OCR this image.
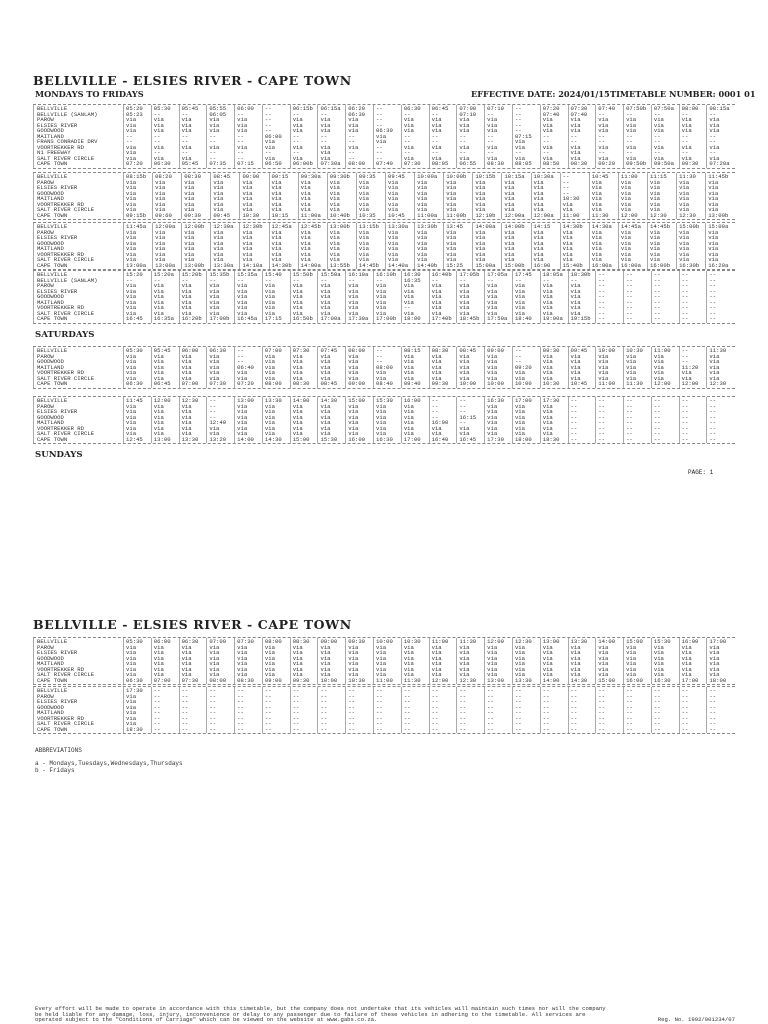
BELLVILLE - ELSIES RIVER - CAPE TOWN
MONDAYS TO FRIDAYS	EFFECTIVE DATE: 2024/01/15 TIMETABLE NUMBER: 0001 01
BELLVILLE	05:20	05:30	05:45	05:55	06:00	--	06:15b	06:15a	06:20	--	06:30	06:45	07:00	07:10	--	07:20	07:30	07:40	07:50b	07:50a	08:00	08:15a
BELLVILLE (SANLAM)	05:23	--	--	06:05	--	--	--	--	06:30	--	--	--	07:10	--	--	07:40	07:40	--	--	--	--	--
PAROW	via	via	via	via	via	--	via	via	via	--	via	via	via	via	--	via	via	via	via	via	via	via
ELSIES RIVER	via	via	via	via	via	--	via	via	via	--	via	via	via	via	--	via	via	via	via	via	via	via
GOODWOOD	via	via	via	via	via	--	via	via	via	06:30	via	via	via	via	--	via	via	via	via	via	via	via
MAITLAND	--	--	--	--	--	06:00	--	--	--	via	--	--	--	--	07:15	--	--	--	--	--	--	--
FRANS CONRADIE DRV	--	--	--	--	--	via	--	--	--	via	--	--	--	--	via	--	--	--	--	--	--	--
VOORTREKKER RD	via	via	via	via	via	via	via	via	via	--	via	via	via	via	via	via	via	via	via	via	via	via
N1 FREEWAY	via	--	--	--	--	--	--	via	--	--	--	--	--	--	--	--	via	--	--	--	--	--
SALT RIVER CIRCLE	via	via	via	--	--	via	via	via	--	--	via	via	via	via	via	via	via	via	via	via	via	via
CAPE TOWN	07:20	06:30	05:45	07:35	07:15	06:50	06:00b	07:30a	08:00	07:40	07:30	08:05	06:55	08:30	08:05	08:50	08:30	09:20	09:50b	09:50a	09:30	07:20a
BELLVILLE	08:15b	08:20	08:30	08:45	09:00	09:15	09:30a	09:30b	09:35	09:45	10:00a	10:00b	10:15b	10:15a	10:30a	--	10:45	11:00	11:15	11:30	11:45b
PAROW	via	via	via	via	via	via	via	via	via	via	via	via	via	via	via	--	via	via	via	via	via
ELSIES RIVER	via	via	via	via	via	via	via	via	via	via	via	via	via	via	via	--	via	via	via	via	via
GOODWOOD	via	via	via	via	via	via	via	via	via	via	via	via	via	via	via	--	via	via	via	via	via
MAITLAND	via	via	via	via	via	via	via	via	via	via	via	via	via	via	via	10:30	via	via	via	via	via
VOORTREKKER RD	via	via	via	via	via	via	via	via	via	via	via	via	via	via	via	via	via	via	via	via	via
SALT RIVER CIRCLE	via	via	via	via	via	via	via	via	via	via	via	via	via	via	via	via	via	via	via	via	via
CAPE TOWN	09:15b	09:60	09:30	09:45	10:30	10:15	11:00a	10:40b	10:35	10:45	11:00a	11:00b	12:10b	12:00a	12:00a	11:00	11:30	12:00	12:30	12:30	13:00b
BELLVILLE	11:45a	12:00a	12:00b	12:30a	12:30b	12:45a	12:45b	13:00b	13:15b	13:30a	13:30b	13:45	14:00a	14:00b	14:15	14:30b	14:30a	14:45a	14:45b	15:00b	15:00a
PAROW	via	via	via	via	via	via	via	via	via	via	via	via	via	via	via	via	via	via	via	via	via
ELSIES RIVER	via	via	via	via	via	via	via	via	via	via	via	via	via	via	via	via	via	via	via	via	via
GOODWOOD	via	via	via	via	via	via	via	via	via	via	via	via	via	via	via	via	via	via	via	via	via
MAITLAND	via	via	via	via	via	via	via	via	via	via	via	via	via	via	via	via	via	via	via	via	via
VOORTREKKER RD	via	via	via	via	via	via	via	via	via	via	via	via	via	via	via	via	via	via	via	via	via
SALT RIVER CIRCLE	via	via	via	via	via	via	via	via	via	via	via	via	via	via	via	via	via	via	via	via	via
CAPE TOWN	13:00a	13:00a	13:00b	13:30a	14:10a	14:30b	14:00a	13:55b	14:45b	14:40a	14:40b	15:25	15:00a	15:00b	16:00	15:40b	16:00a	16:00a	16:00b	16:30b	16:20a
BELLVILLE	15:20	15:20a	15:20b	15:35b	15:35a	15:40	15:50b	15:50a	16:10a	16:10b	16:30	16:40b	17:05b	17:05a	17:45	18:05a	18:30b	--	--	--	--	--
BELLVILLE (SANLAM)	--	--	--	--	--	--	--	--	--	--	16:35	--	--	--	--	--	--	--	--	--	--	--
PAROW	via	via	via	via	via	via	via	via	via	via	via	via	via	via	via	via	via	--	--	--	--	--
ELSIES RIVER	via	via	via	via	via	via	via	via	via	via	via	via	via	via	via	via	via	--	--	--	--	--
GOODWOOD	via	via	via	via	via	via	via	via	via	via	via	via	via	via	via	via	via	--	--	--	--	--
MAITLAND	via	via	via	via	via	via	via	via	via	via	via	via	via	via	via	via	via	--	--	--	--	--
VOORTREKKER RD	via	via	via	via	via	via	via	via	via	via	--	via	via	via	via	via	via	--	--	--	--	--
SALT RIVER CIRCLE	via	via	via	via	via	via	via	via	via	via	via	via	via	via	via	via	via	--	--	--	--	--
CAPE TOWN	16:45	16:35a	16:20b	17:00b	16:45a	17:15	16:50b	17:00a	17:30a	17:00b	18:00	17:40b	18:45b	17:50a	18:40	19:00a	19:15b	--	--	--	--	--
SATURDAYS
BELLVILLE	05:30	05:45	06:00	06:30	--	07:00	07:30	07:45	08:00	--	08:15	08:30	08:45	09:00	--	09:30	09:45	10:00	10:30	11:00	--	11:30
PAROW	via	via	via	via	--	via	via	via	via	--	via	via	via	via	--	via	via	via	via	via	--	via
GOODWOOD	via	via	via	via	--	via	via	via	via	--	via	via	via	via	--	via	via	via	via	via	--	via
MAITLAND	via	via	via	via	06:40	via	via	via	via	08:00	via	via	via	via	09:20	via	via	via	via	via	11:20	via
VOORTREKKER RD	via	via	via	via	via	via	via	via	via	via	via	via	via	via	via	via	via	via	via	via	via	via
SALT RIVER CIRCLE	via	via	via	via	via	via	via	via	via	via	via	via	via	via	via	via	via	via	via	via	via	via
CAPE TOWN	06:30	06:45	07:00	07:30	07:20	08:00	08:30	08:45	09:00	08:40	09:40	09:30	10:00	10:00	10:00	10:30	10:45	11:00	11:30	12:00	12:00	12:30
BELLVILLE	11:45	12:00	12:30	--	13:00	13:30	14:00	14:30	15:00	15:30	16:00	--	--	16:30	17:00	17:30	--	--	--	--	--	--
PAROW	via	via	via	--	via	via	via	via	via	via	via	--	--	via	via	via	--	--	--	--	--	--
ELSIES RIVER	via	via	via	--	via	via	via	via	via	via	via	--	--	via	via	via	--	--	--	--	--	--
GOODWOOD	via	via	via	--	via	via	via	via	via	via	via	--	16:15	via	via	via	--	--	--	--	--	--
MAITLAND	via	via	via	12:40	via	via	via	via	via	via	via	16:00	--	via	via	via	--	--	--	--	--	--
VOORTREKKER RD	via	via	via	via	via	via	via	via	via	via	via	via	via	via	via	via	--	--	--	--	--	--
SALT RIVER CIRCLE	via	via	via	via	via	via	via	via	via	via	via	via	via	via	via	via	--	--	--	--	--	--
CAPE TOWN	12:45	13:00	13:30	13:20	14:00	14:30	15:00	15:30	16:00	16:30	17:00	16:40	16:45	17:30	18:00	18:30	--	--	--	--	--	--
SUNDAYS
PAGE: 1
BELLVILLE - ELSIES RIVER - CAPE TOWN
BELLVILLE	05:30	06:00	06:30	07:00	07:30	08:00	08:30	09:00	09:30	10:00	10:30	11:00	11:30	12:00	12:30	13:00	13:30	14:00	15:00	15:30	16:00	17:00
PAROW	via	via	via	via	via	via	via	via	via	via	via	via	via	via	via	via	via	via	via	via	via	via
ELSIES RIVER	via	via	via	via	via	via	via	via	via	via	via	via	via	via	via	via	via	via	via	via	via	via
GOODWOOD	via	via	via	via	via	via	via	via	via	via	via	via	via	via	via	via	via	via	via	via	via	via
MAITLAND	via	via	via	via	via	via	via	via	via	via	via	via	via	via	via	via	via	via	via	via	via	via
VOORTREKKER RD	via	via	via	via	via	via	via	via	via	via	via	via	via	via	via	via	via	via	via	via	via	via
SALT RIVER CIRCLE	via	via	via	via	via	via	via	via	via	via	via	via	via	via	via	via	via	via	via	via	via	via
CAPE TOWN	06:30	07:00	07:30	08:00	08:30	09:00	09:30	10:00	10:30	11:00	11:30	12:00	12:30	13:00	13:30	14:00	14:30	15:00	16:00	16:30	17:00	18:00
BELLVILLE	17:30	--	--	--	--	--	--	--	--	--	--	--	--	--	--	--	--	--	--	--	--	--
PAROW	via	--	--	--	--	--	--	--	--	--	--	--	--	--	--	--	--	--	--	--	--	--
ELSIES RIVER	via	--	--	--	--	--	--	--	--	--	--	--	--	--	--	--	--	--	--	--	--	--
GOODWOOD	via	--	--	--	--	--	--	--	--	--	--	--	--	--	--	--	--	--	--	--	--	--
MAITLAND	via	--	--	--	--	--	--	--	--	--	--	--	--	--	--	--	--	--	--	--	--	--
VOORTREKKER RD	via	--	--	--	--	--	--	--	--	--	--	--	--	--	--	--	--	--	--	--	--	--
SALT RIVER CIRCLE	via	--	--	--	--	--	--	--	--	--	--	--	--	--	--	--	--	--	--	--	--	--
CAPE TOWN	18:30	--	--	--	--	--	--	--	--	--	--	--	--	--	--	--	--	--	--	--	--	--
ABBREVIATIONS
a - Mondays,Tuesdays,Wednesdays,Thursdays
b - Fridays
Every effort will be made to operate in accordance with this timetable, but the company does not undertake that its vehicles will maintain such times nor will the company
be held liable for any damage, loss, injury, inconvenience or delay to any passenger due to failure of these vehicles in adhering to the timetable. All services are
operated subject to the "Conditions of Carriage" which can be viewed on the website at www.gabs.co.za.	Reg. No. 1992/001234/07
